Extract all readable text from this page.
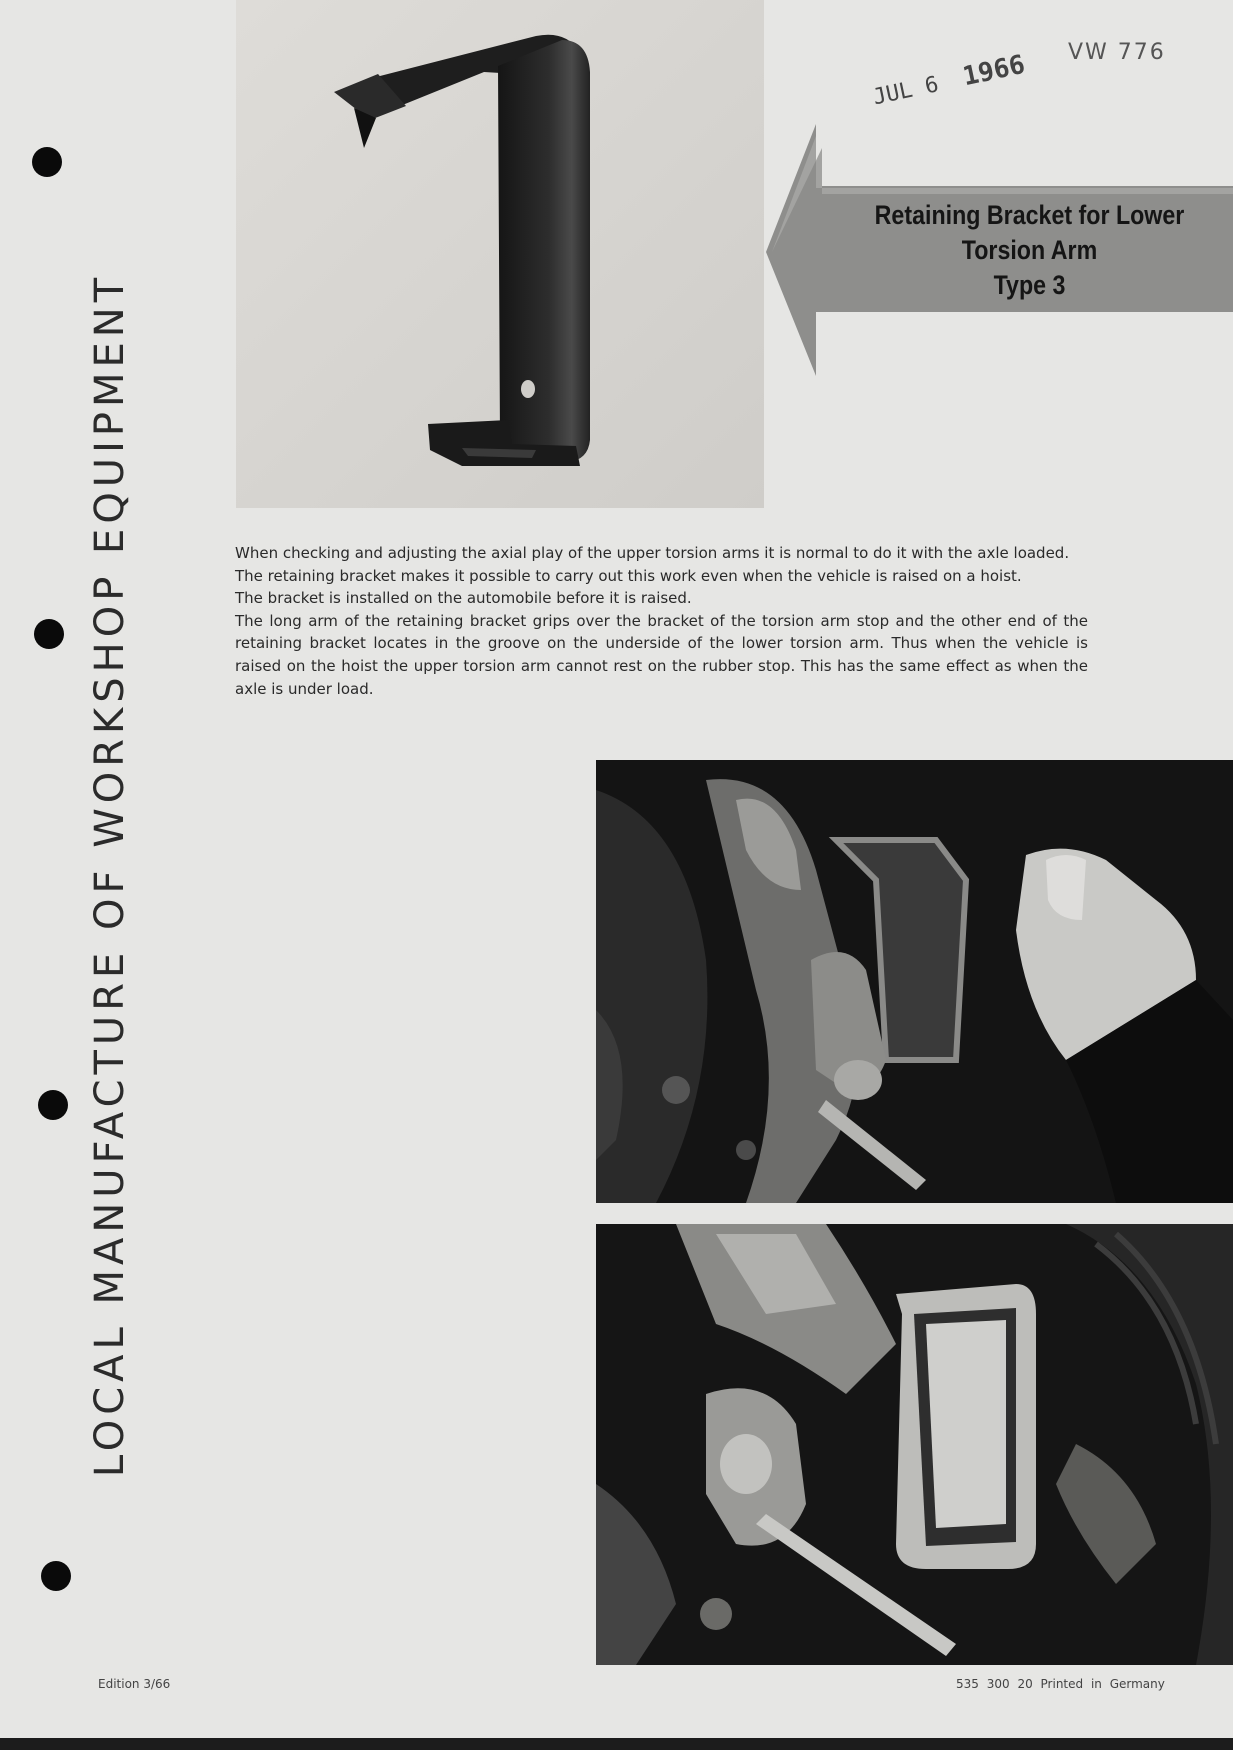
LOCAL MANUFACTURE OF WORKSHOP EQUIPMENT
VW 776
JUL 6 1966
Retaining Bracket for Lower
Torsion Arm
Type 3

When checking and adjusting the axial play of the upper torsion arms it is normal to do it with the axle loaded.

The retaining bracket makes it possible to carry out this work even when the vehicle is raised on a hoist.

The bracket is installed on the automobile before it is raised.

The long arm of the retaining bracket grips over the bracket of the torsion arm stop and the other end of the retaining bracket locates in the groove on the underside of the lower torsion arm. Thus when the vehicle is raised on the hoist the upper torsion arm cannot rest on the rubber stop. This has the same effect as when the axle is under load.

Edition 3/66	535 300 20 Printed in Germany
